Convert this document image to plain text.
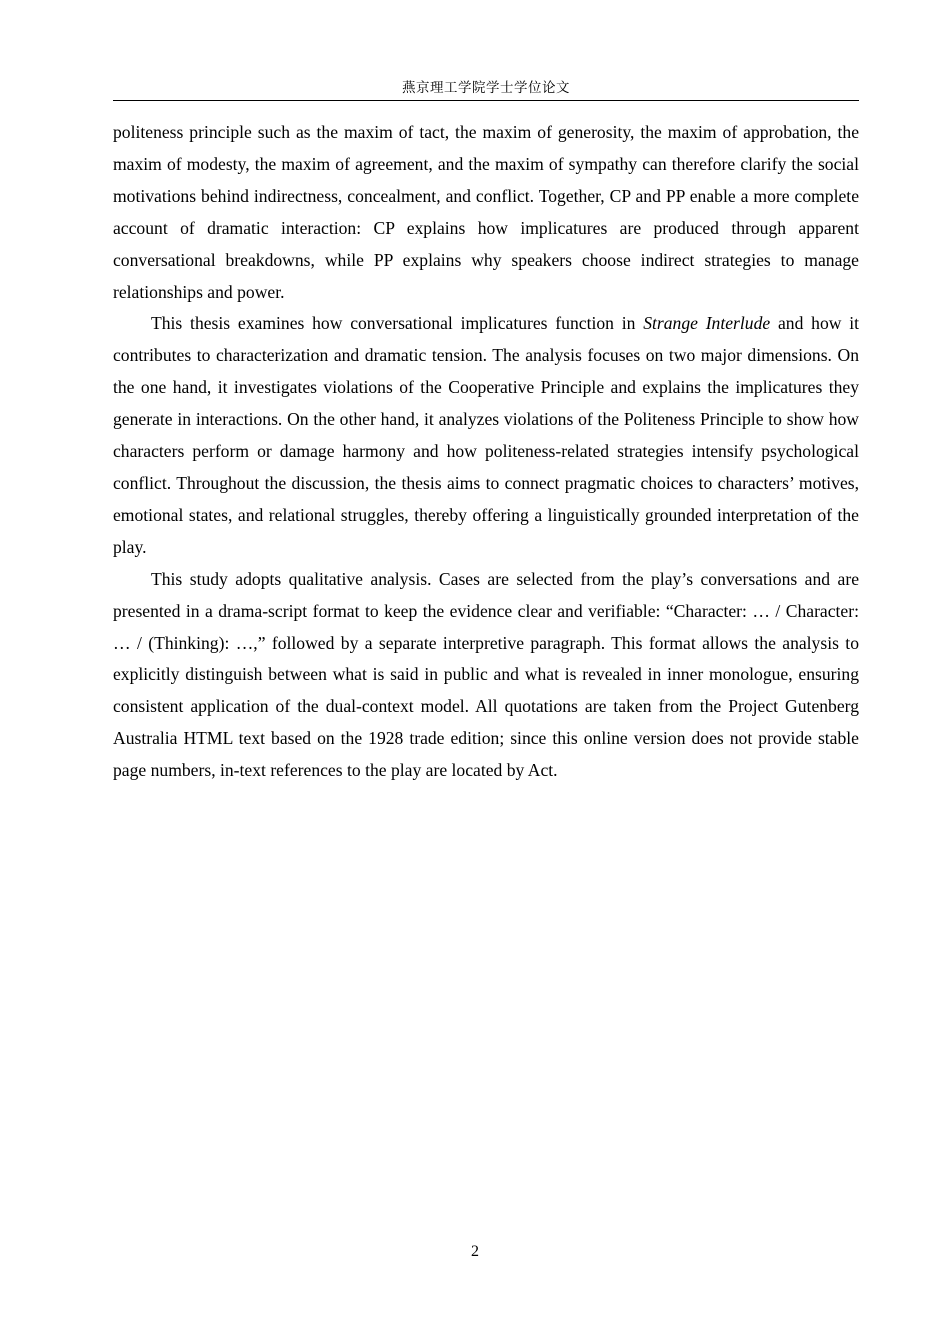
燕京理工学院学士学位论文

politeness principle such as the maxim of tact, the maxim of generosity, the maxim of approbation, the maxim of modesty, the maxim of agreement, and the maxim of sympathy can therefore clarify the social motivations behind indirectness, concealment, and conflict. Together, CP and PP enable a more complete account of dramatic interaction: CP explains how implicatures are produced through apparent conversational breakdowns, while PP explains why speakers choose indirect strategies to manage relationships and power.

This thesis examines how conversational implicatures function in Strange Interlude and how it contributes to characterization and dramatic tension. The analysis focuses on two major dimensions. On the one hand, it investigates violations of the Cooperative Principle and explains the implicatures they generate in interactions. On the other hand, it analyzes violations of the Politeness Principle to show how characters perform or damage harmony and how politeness-related strategies intensify psychological conflict. Throughout the discussion, the thesis aims to connect pragmatic choices to characters’ motives, emotional states, and relational struggles, thereby offering a linguistically grounded interpretation of the play.

This study adopts qualitative analysis. Cases are selected from the play’s conversations and are presented in a drama-script format to keep the evidence clear and verifiable: “Character: … / Character: … / (Thinking): …,” followed by a separate interpretive paragraph. This format allows the analysis to explicitly distinguish between what is said in public and what is revealed in inner monologue, ensuring consistent application of the dual-context model. All quotations are taken from the Project Gutenberg Australia HTML text based on the 1928 trade edition; since this online version does not provide stable page numbers, in-text references to the play are located by Act.

2
